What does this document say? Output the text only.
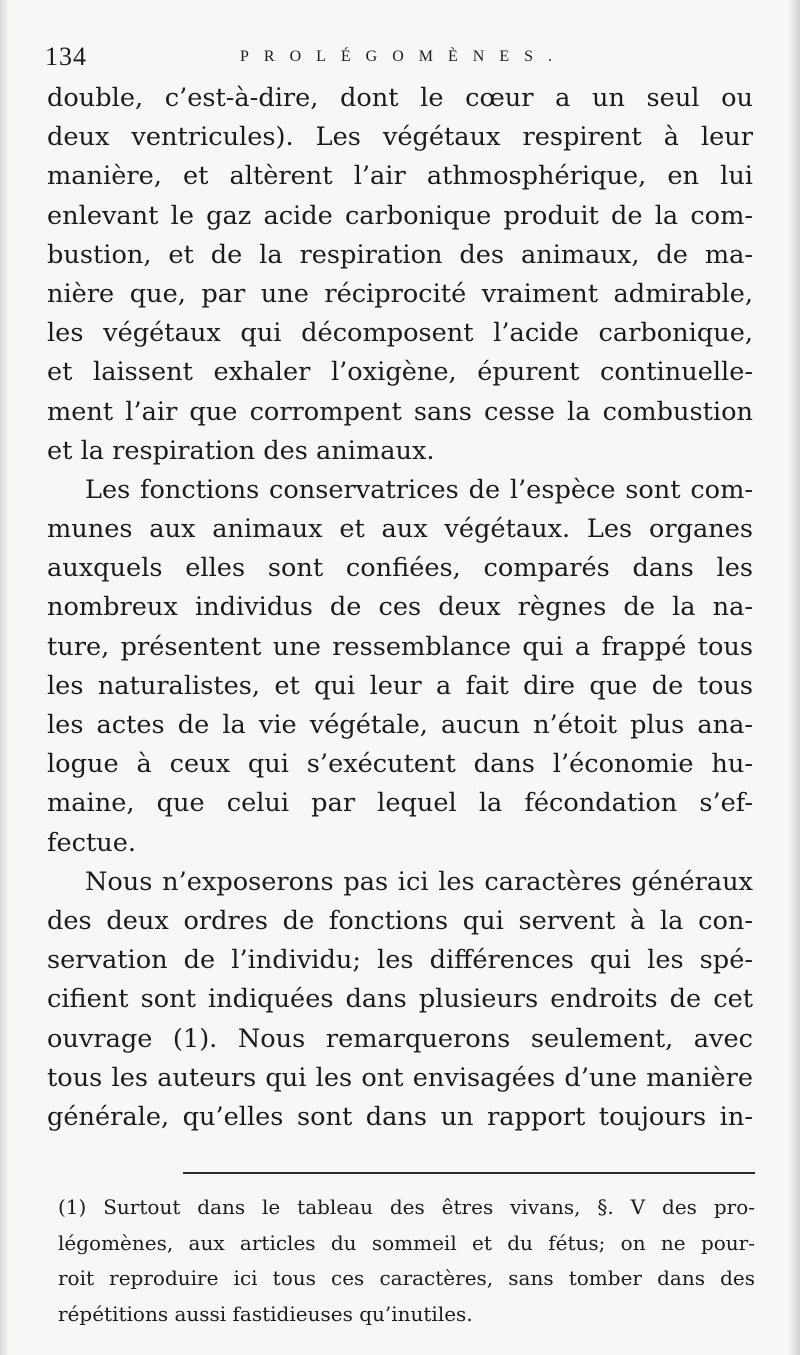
134	PROLÉGOMÈNES.
double, c’est-à-dire, dont le cœur a un seul ou
deux ventricules). Les végétaux respirent à leur
manière, et altèrent l’air athmosphérique, en lui
enlevant le gaz acide carbonique produit de la com-
bustion, et de la respiration des animaux, de ma-
nière que, par une réciprocité vraiment admirable,
les végétaux qui décomposent l’acide carbonique,
et laissent exhaler l’oxigène, épurent continuelle-
ment l’air que corrompent sans cesse la combustion
et la respiration des animaux.
Les fonctions conservatrices de l’espèce sont com-
munes aux animaux et aux végétaux. Les organes
auxquels elles sont confiées, comparés dans les
nombreux individus de ces deux règnes de la na-
ture, présentent une ressemblance qui a frappé tous
les naturalistes, et qui leur a fait dire que de tous
les actes de la vie végétale, aucun n’étoit plus ana-
logue à ceux qui s’exécutent dans l’économie hu-
maine, que celui par lequel la fécondation s’ef-
fectue.
Nous n’exposerons pas ici les caractères généraux
des deux ordres de fonctions qui servent à la con-
servation de l’individu; les différences qui les spé-
cifient sont indiquées dans plusieurs endroits de cet
ouvrage (1). Nous remarquerons seulement, avec
tous les auteurs qui les ont envisagées d’une manière
générale, qu’elles sont dans un rapport toujours in-
(1) Surtout dans le tableau des êtres vivans, §. V des pro-
légomènes, aux articles du sommeil et du fétus; on ne pour-
roit reproduire ici tous ces caractères, sans tomber dans des
répétitions aussi fastidieuses qu’inutiles.
